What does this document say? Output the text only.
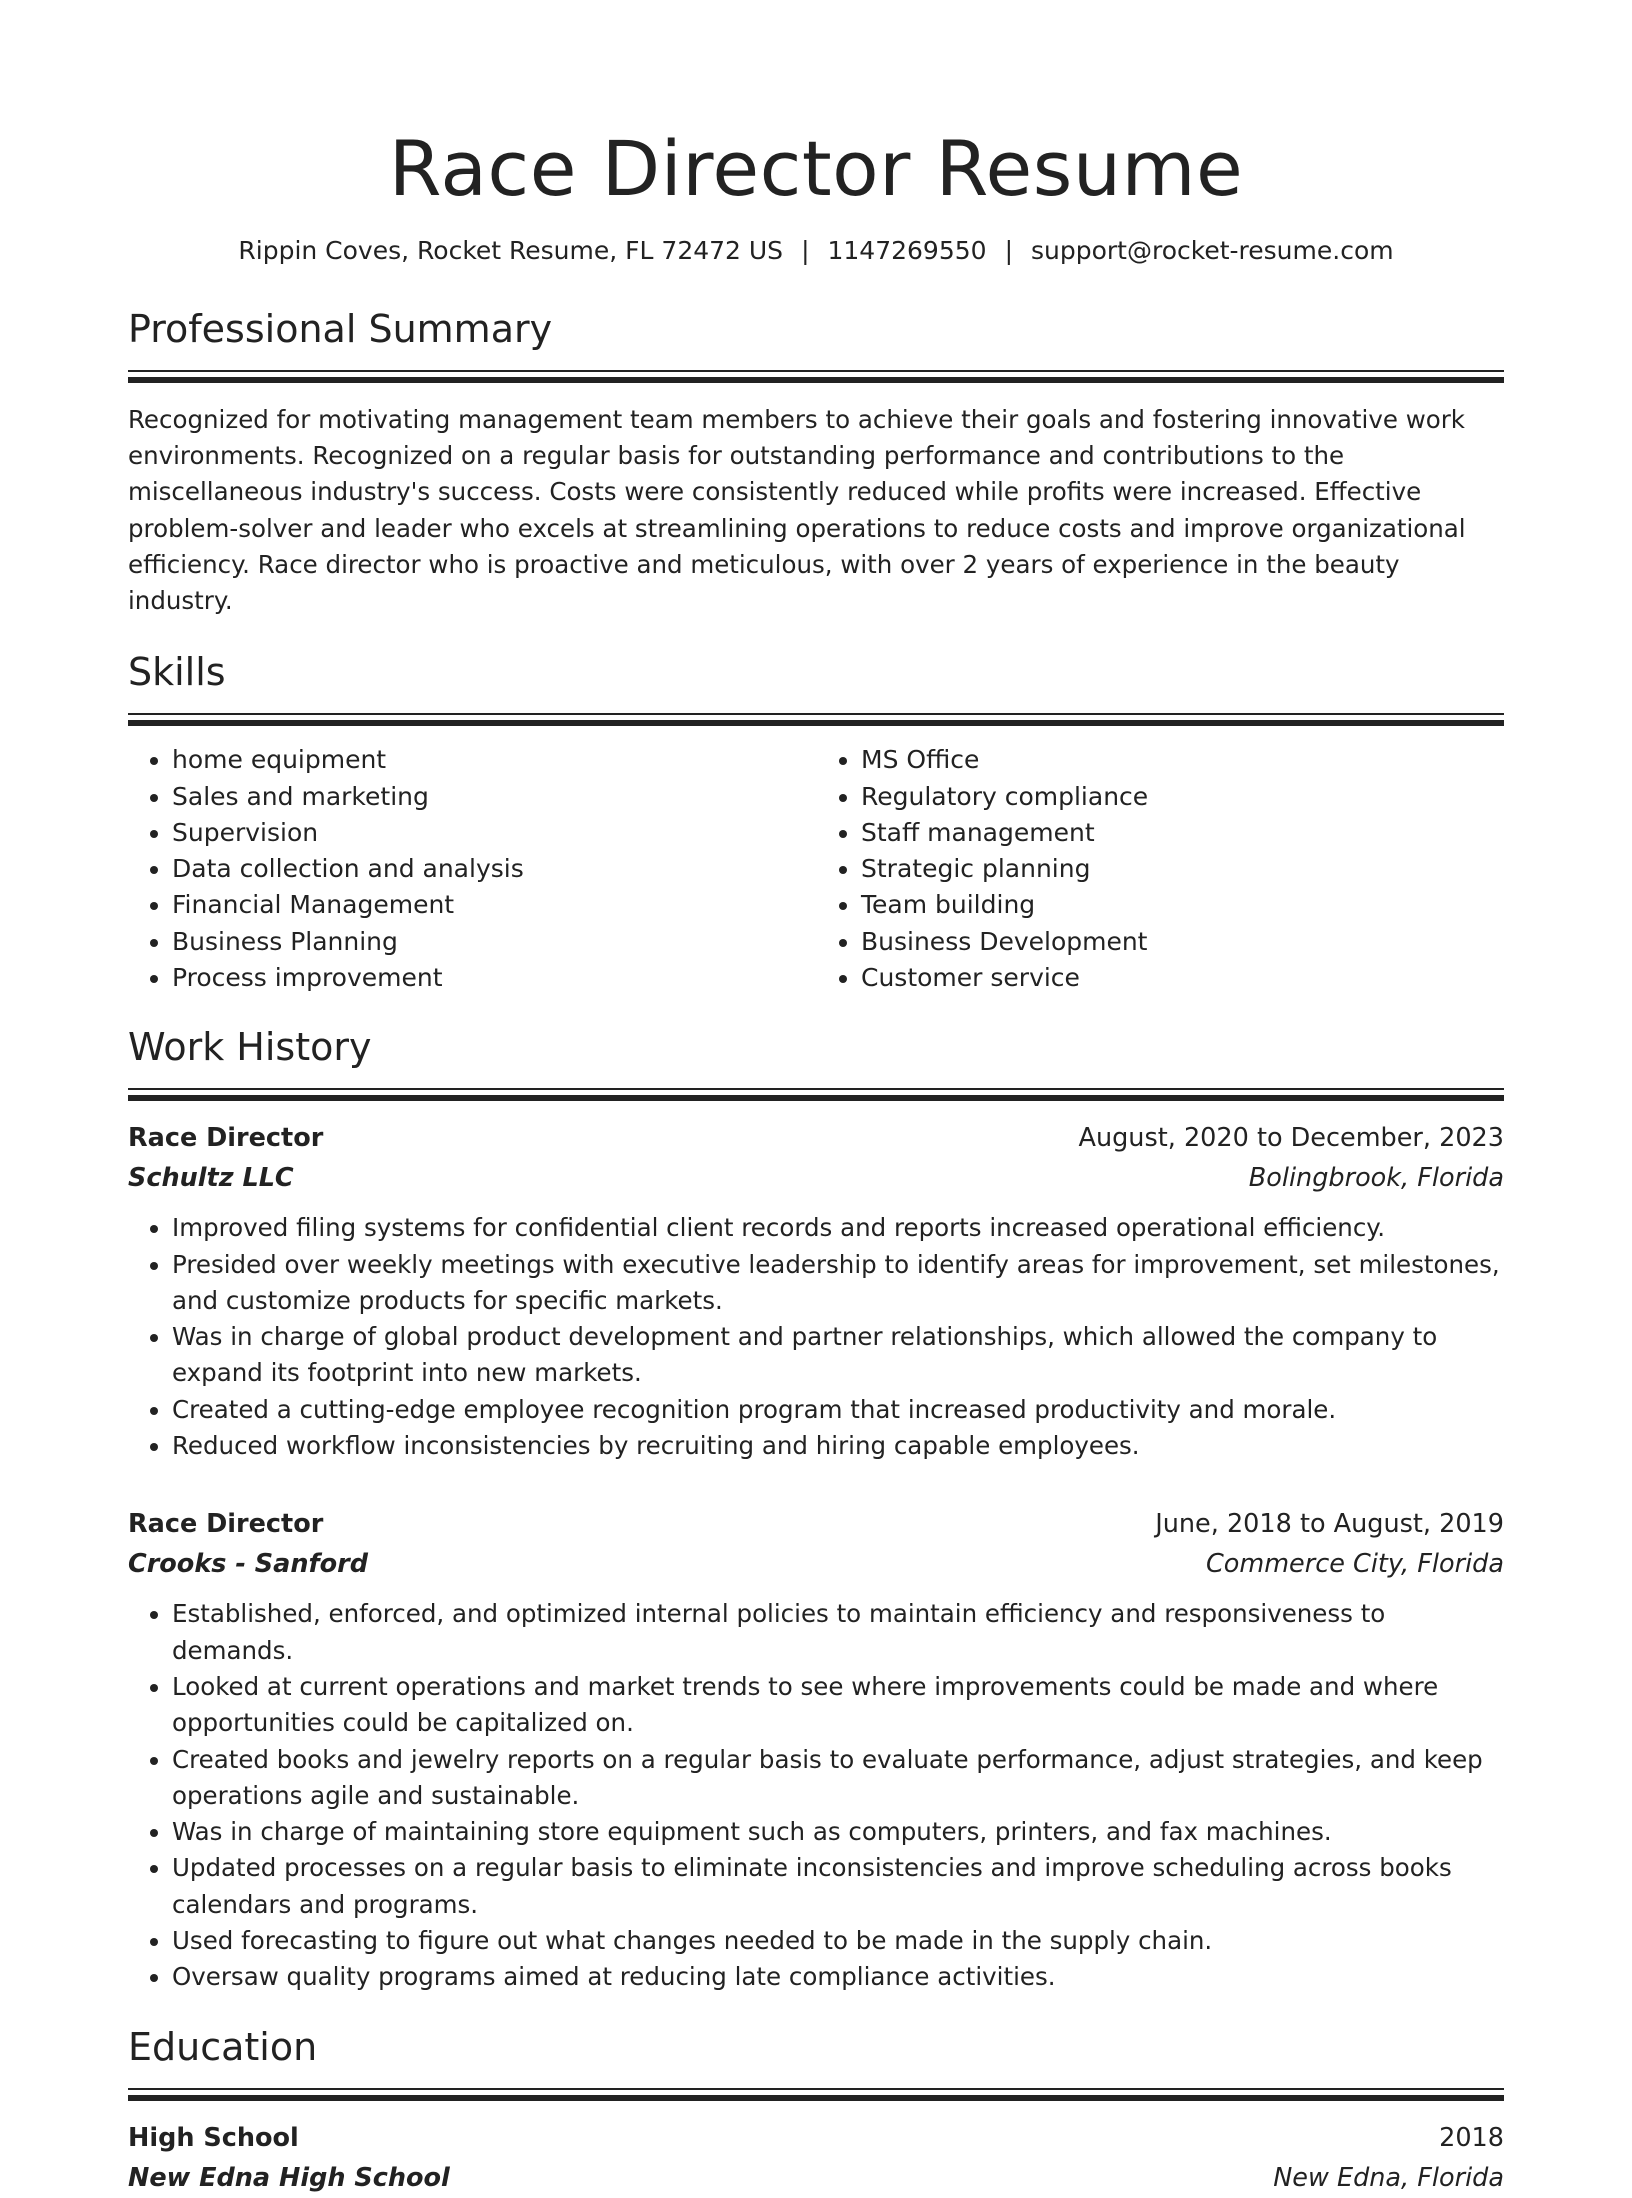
Race Director Resume
Rippin Coves, Rocket Resume, FL 72472 US | 1147269550 | support@rocket-resume.com
Professional Summary
Recognized for motivating management team members to achieve their goals and fostering innovative work environments. Recognized on a regular basis for outstanding performance and contributions to the miscellaneous industry's success. Costs were consistently reduced while profits were increased. Effective problem-solver and leader who excels at streamlining operations to reduce costs and improve organizational efficiency. Race director who is proactive and meticulous, with over 2 years of experience in the beauty industry.
Skills
• home equipment
• Sales and marketing
• Supervision
• Data collection and analysis
• Financial Management
• Business Planning
• Process improvement
• MS Office
• Regulatory compliance
• Staff management
• Strategic planning
• Team building
• Business Development
• Customer service
Work History
Race Director	August, 2020 to December, 2023
Schultz LLC	Bolingbrook, Florida
• Improved filing systems for confidential client records and reports increased operational efficiency.
• Presided over weekly meetings with executive leadership to identify areas for improvement, set milestones, and customize products for specific markets.
• Was in charge of global product development and partner relationships, which allowed the company to expand its footprint into new markets.
• Created a cutting-edge employee recognition program that increased productivity and morale.
• Reduced workflow inconsistencies by recruiting and hiring capable employees.
Race Director	June, 2018 to August, 2019
Crooks - Sanford	Commerce City, Florida
• Established, enforced, and optimized internal policies to maintain efficiency and responsiveness to demands.
• Looked at current operations and market trends to see where improvements could be made and where opportunities could be capitalized on.
• Created books and jewelry reports on a regular basis to evaluate performance, adjust strategies, and keep operations agile and sustainable.
• Was in charge of maintaining store equipment such as computers, printers, and fax machines.
• Updated processes on a regular basis to eliminate inconsistencies and improve scheduling across books calendars and programs.
• Used forecasting to figure out what changes needed to be made in the supply chain.
• Oversaw quality programs aimed at reducing late compliance activities.
Education
High School	2018
New Edna High School	New Edna, Florida
